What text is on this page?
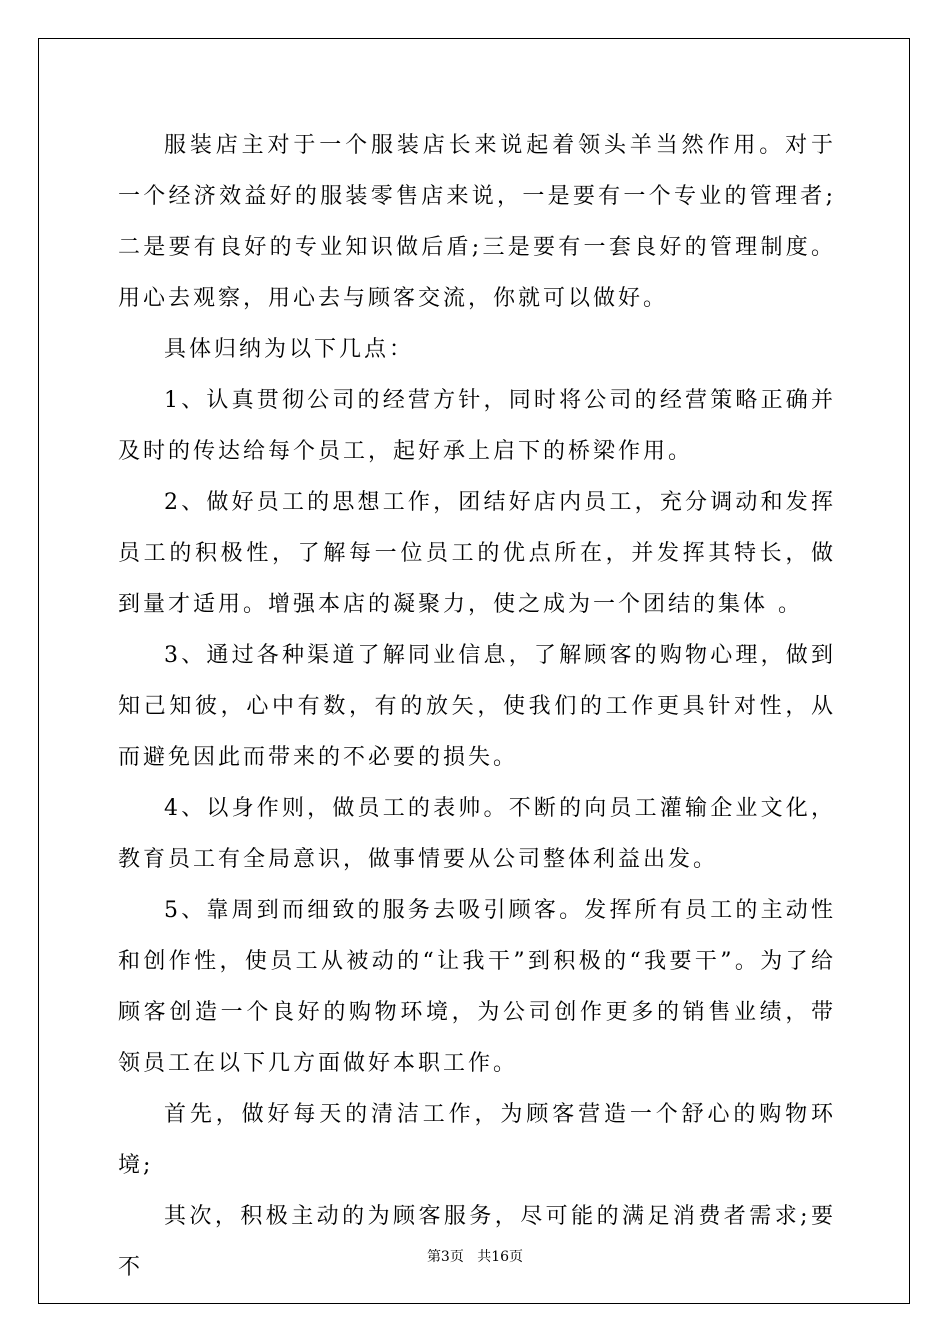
服装店主对于一个服装店长来说起着领头羊当然作用。对于一个经济效益好的服装零售店来说，一是要有一个专业的管理者;二是要有良好的专业知识做后盾;三是要有一套良好的管理制度。用心去观察，用心去与顾客交流，你就可以做好。

具体归纳为以下几点：

1、认真贯彻公司的经营方针，同时将公司的经营策略正确并及时的传达给每个员工，起好承上启下的桥梁作用。

2、做好员工的思想工作，团结好店内员工，充分调动和发挥员工的积极性，了解每一位员工的优点所在，并发挥其特长，做到量才适用。增强本店的凝聚力，使之成为一个团结的集体 。

3、通过各种渠道了解同业信息，了解顾客的购物心理，做到知己知彼，心中有数，有的放矢，使我们的工作更具针对性，从而避免因此而带来的不必要的损失。

4、以身作则，做员工的表帅。不断的向员工灌输企业文化，教育员工有全局意识，做事情要从公司整体利益出发。

5、靠周到而细致的服务去吸引顾客。发挥所有员工的主动性和创作性，使员工从被动的“让我干”到积极的“我要干”。为了给顾客创造一个良好的购物环境，为公司创作更多的销售业绩，带领员工在以下几方面做好本职工作。

首先，做好每天的清洁工作，为顾客营造一个舒心的购物环境;

其次，积极主动的为顾客服务，尽可能的满足消费者需求;要不	第3页 共16页
